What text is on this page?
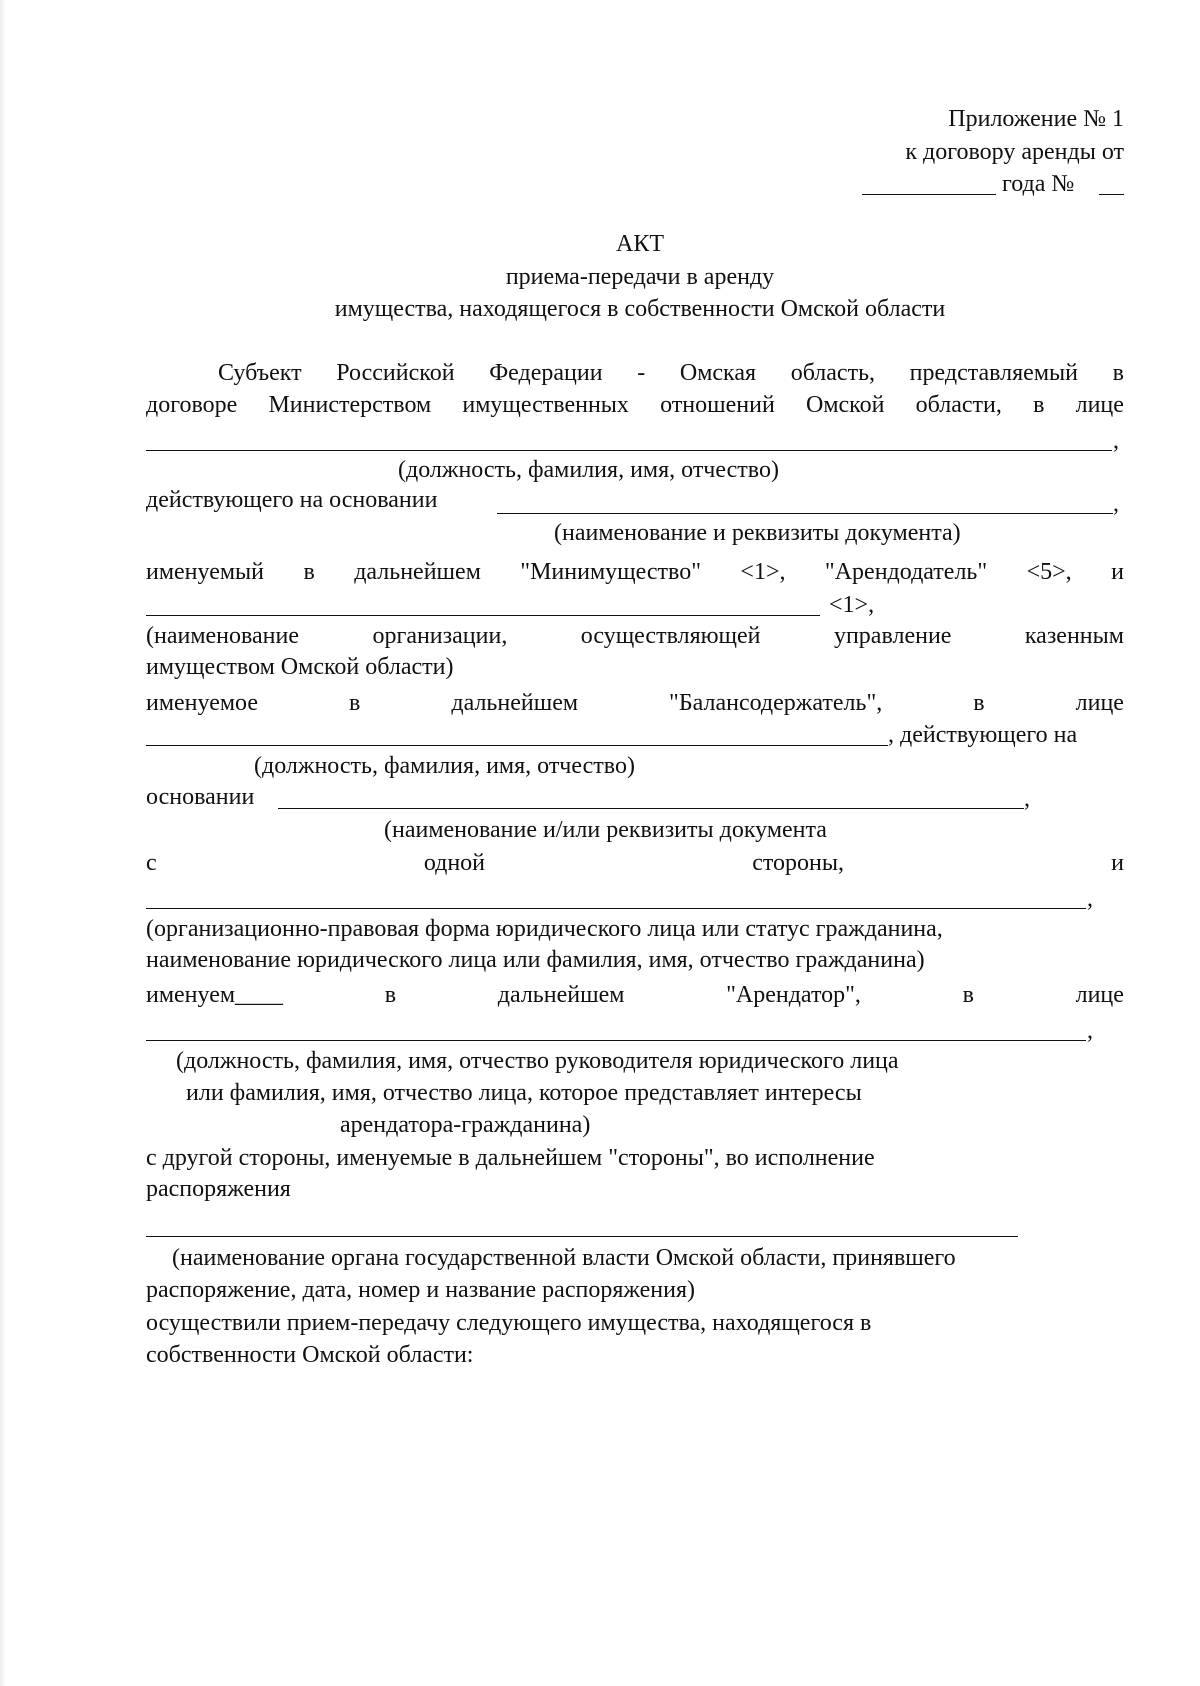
Приложение № 1
к договору аренды от
года №
АКТ
приема-передачи в аренду
имущества, находящегося в собственности Омской области
Субъект Российской Федерации - Омская область, представляемый в
договоре Министерством имущественных отношений Омской области, в лице
,
(должность, фамилия, имя, отчество)
действующего на основании	,
(наименование и реквизиты документа)
именуемый в дальнейшем "Минимущество" <1>, "Арендодатель" <5>, и
<1>,
(наименование	организации,	осуществляющей	управление	казенным
имуществом Омской области)
именуемое	в	дальнейшем	"Балансодержатель",	в	лице
, действующего на
(должность, фамилия, имя, отчество)
основании	,
(наименование и/или реквизиты документа
с	одной	стороны,	и
,
(организационно-правовая форма юридического лица или статус гражданина,
наименование юридического лица или фамилия, имя, отчество гражданина)
именуем____	в	дальнейшем	"Арендатор",	в	лице
,
(должность, фамилия, имя, отчество руководителя юридического лица
или фамилия, имя, отчество лица, которое представляет интересы
арендатора-гражданина)
с другой стороны, именуемые в дальнейшем "стороны", во исполнение
распоряжения
(наименование органа государственной власти Омской области, принявшего
распоряжение, дата, номер и название распоряжения)
осуществили прием-передачу следующего имущества, находящегося в
собственности Омской области:
